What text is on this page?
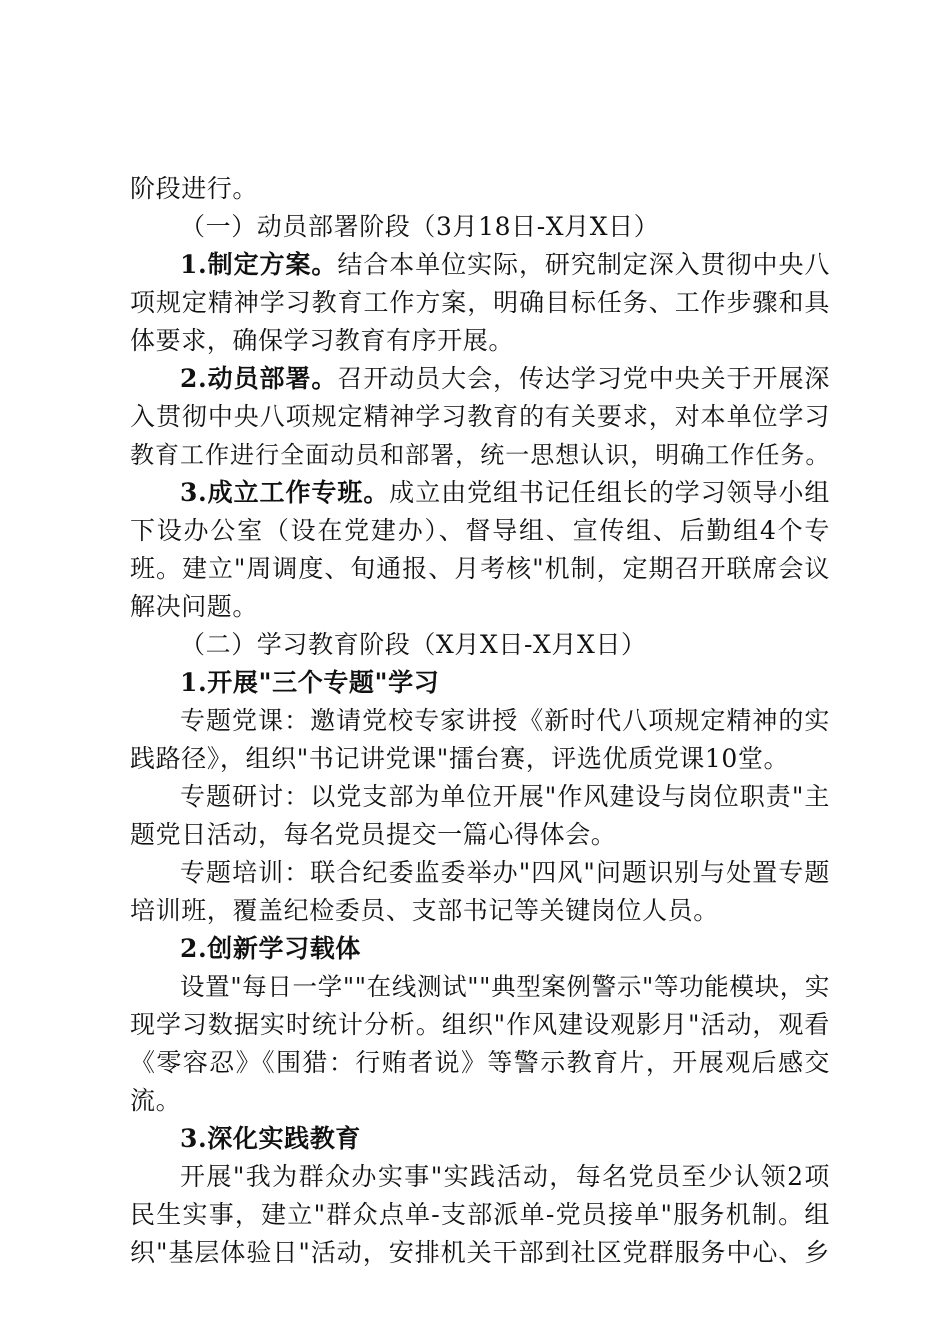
阶段进行。
（一）动员部署阶段（3月18日-X月X日）
1.制定方案。结合本单位实际，研究制定深入贯彻中央八
项规定精神学习教育工作方案，明确目标任务、工作步骤和具
体要求，确保学习教育有序开展。
2.动员部署。召开动员大会，传达学习党中央关于开展深
入贯彻中央八项规定精神学习教育的有关要求，对本单位学习
教育工作进行全面动员和部署，统一思想认识，明确工作任务。
3.成立工作专班。成立由党组书记任组长的学习领导小组
下设办公室（设在党建办）、督导组、宣传组、后勤组4个专
班。建立"周调度、旬通报、月考核"机制，定期召开联席会议
解决问题。
（二）学习教育阶段（X月X日-X月X日）
1.开展"三个专题"学习
专题党课：邀请党校专家讲授《新时代八项规定精神的实
践路径》，组织"书记讲党课"擂台赛，评选优质党课10堂。
专题研讨：以党支部为单位开展"作风建设与岗位职责"主
题党日活动，每名党员提交一篇心得体会。
专题培训：联合纪委监委举办"四风"问题识别与处置专题
培训班，覆盖纪检委员、支部书记等关键岗位人员。
2.创新学习载体
设置"每日一学""在线测试""典型案例警示"等功能模块，实
现学习数据实时统计分析。组织"作风建设观影月"活动，观看
《零容忍》《围猎：行贿者说》等警示教育片，开展观后感交
流。
3.深化实践教育
开展"我为群众办实事"实践活动，每名党员至少认领2项
民生实事，建立"群众点单-支部派单-党员接单"服务机制。组
织"基层体验日"活动，安排机关干部到社区党群服务中心、乡
